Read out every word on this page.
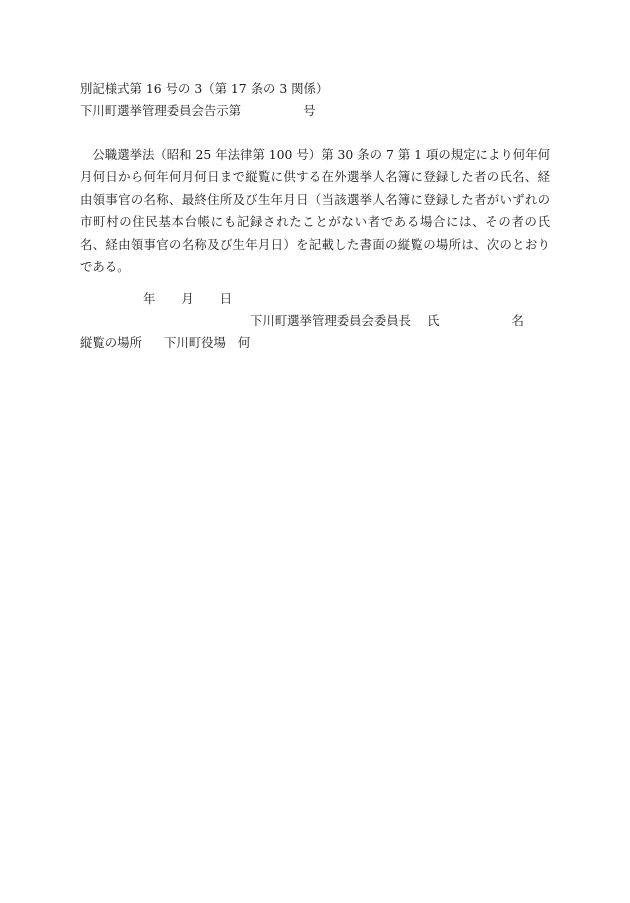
別記様式第 16 号の 3（第 17 条の 3 関係）
下川町選挙管理委員会告示第	号
公職選挙法（昭和 25 年法律第 100 号）第 30 条の 7 第 1 項の規定により何年何月何日から何年何月何日まで縦覧に供する在外選挙人名簿に登録した者の氏名、経由領事官の名称、最終住所及び生年月日（当該選挙人名簿に登録した者がいずれの市町村の住民基本台帳にも記録されたことがない者である場合には、その者の氏名、経由領事官の名称及び生年月日）を記載した書面の縦覧の場所は、次のとおりである。
年 月 日
下川町選挙管理委員会委員長 氏	名
縦覧の場所 下川町役場 何
